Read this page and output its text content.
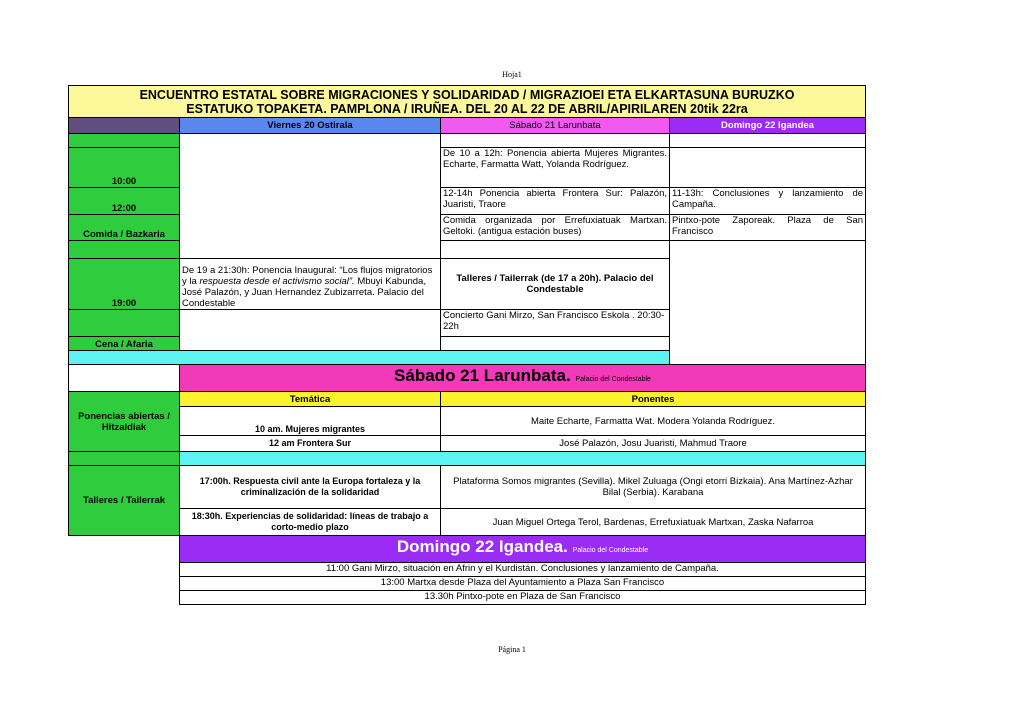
Hoja1
ENCUENTRO ESTATAL SOBRE MIGRACIONES Y SOLIDARIDAD / MIGRAZIOEI ETA ELKARTASUNA BURUZKO
ESTATUKO TOPAKETA. PAMPLONA / IRUÑEA. DEL 20 AL 22 DE ABRIL/APIRILAREN 20tik 22ra			

	Viernes 20 Ostirala	Sábado 21 Larunbata	Domingo 22 Igandea

10:00		De 10 a 12h: Ponencia abierta Mujeres Migrantes. Echarte, Farmatta Watt, Yolanda Rodríguez.	
12:00		12-14h Ponencia abierta Frontera Sur: Palazón, Juaristi, Traore	11-13h: Conclusiones y lanzamiento de Campaña.
Comida / Bazkaria		Comida organizada por Errefuxiatuak Martxan. Geltoki. (antigua estación buses)	Pintxo-pote Zaporeak. Plaza de San Francisco

19:00	De 19 a 21:30h: Ponencia Inaugural: “Los flujos migratorios y la respuesta desde el activismo social”. Mbuyi Kabunda, José Palazón, y Juan Hernandez Zubizarreta. Palacio del Condestable	Talleres / Tailerrak (de 17 a 20h). Palacio del Condestable	
		Concierto Gani Mirzo, San Francisco Eskola . 20:30-22h	
Cena / Afaria			

	Sábado 21 Larunbata. Palacio del Condestable		
Ponencias abiertas / Hitzaldiak	Temática	Ponentes	
	10 am. Mujeres migrantes	Maite Echarte, Farmatta Wat. Modera Yolanda Rodríguez.	
	12 am Frontera Sur	José Palazón, Josu Juaristi, Mahmud Traore	

Talleres / Tailerrak	17:00h. Respuesta civil ante la Europa fortaleza y la criminalización de la solidaridad	Plataforma Somos migrantes (Sevilla). Mikel Zuluaga (Ongi etorri Bizkaia). Ana Martínez-Azhar Bilal (Serbia). Karabana	
	18:30h. Experiencias de solidaridad: líneas de trabajo a corto-medio plazo	Juan Miguel Ortega Terol, Bardenas, Errefuxiatuak Martxan, Zaska Nafarroa	
	Domingo 22 Igandea. Palacio del Condestable		
	11:00 Gani Mirzo, situación en Afrin y el Kurdistán. Conclusiones y lanzamiento de Campaña.		
	13:00 Martxa desde Plaza del Ayuntamiento a Plaza San Francisco		
	13.30h Pintxo-pote en Plaza de San Francisco		
Página 1
